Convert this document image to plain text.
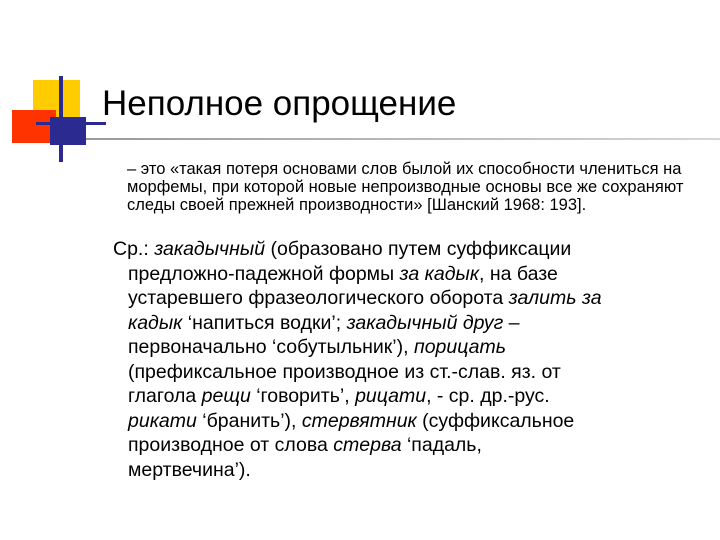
Неполное опрощение
– это «такая потеря основами слов былой их способности члениться на морфемы, при которой новые непроизводные основы все же сохраняют следы своей прежней производности» [Шанский 1968: 193].
Ср.: закадычный (образовано путем суффиксации
предложно-падежной формы за кадык, на базе
устаревшего фразеологического оборота залить за
кадык ‘напиться водки’; закадычный друг –
первоначально ‘собутыльник’), порицать
(префиксальное производное из ст.-слав. яз. от
глагола рещи ‘говорить’, рицати, - ср. др.-рус.
рикати ‘бранить’), стервятник (суффиксальное
производное от слова стерва ‘падаль,
мертвечина’).
